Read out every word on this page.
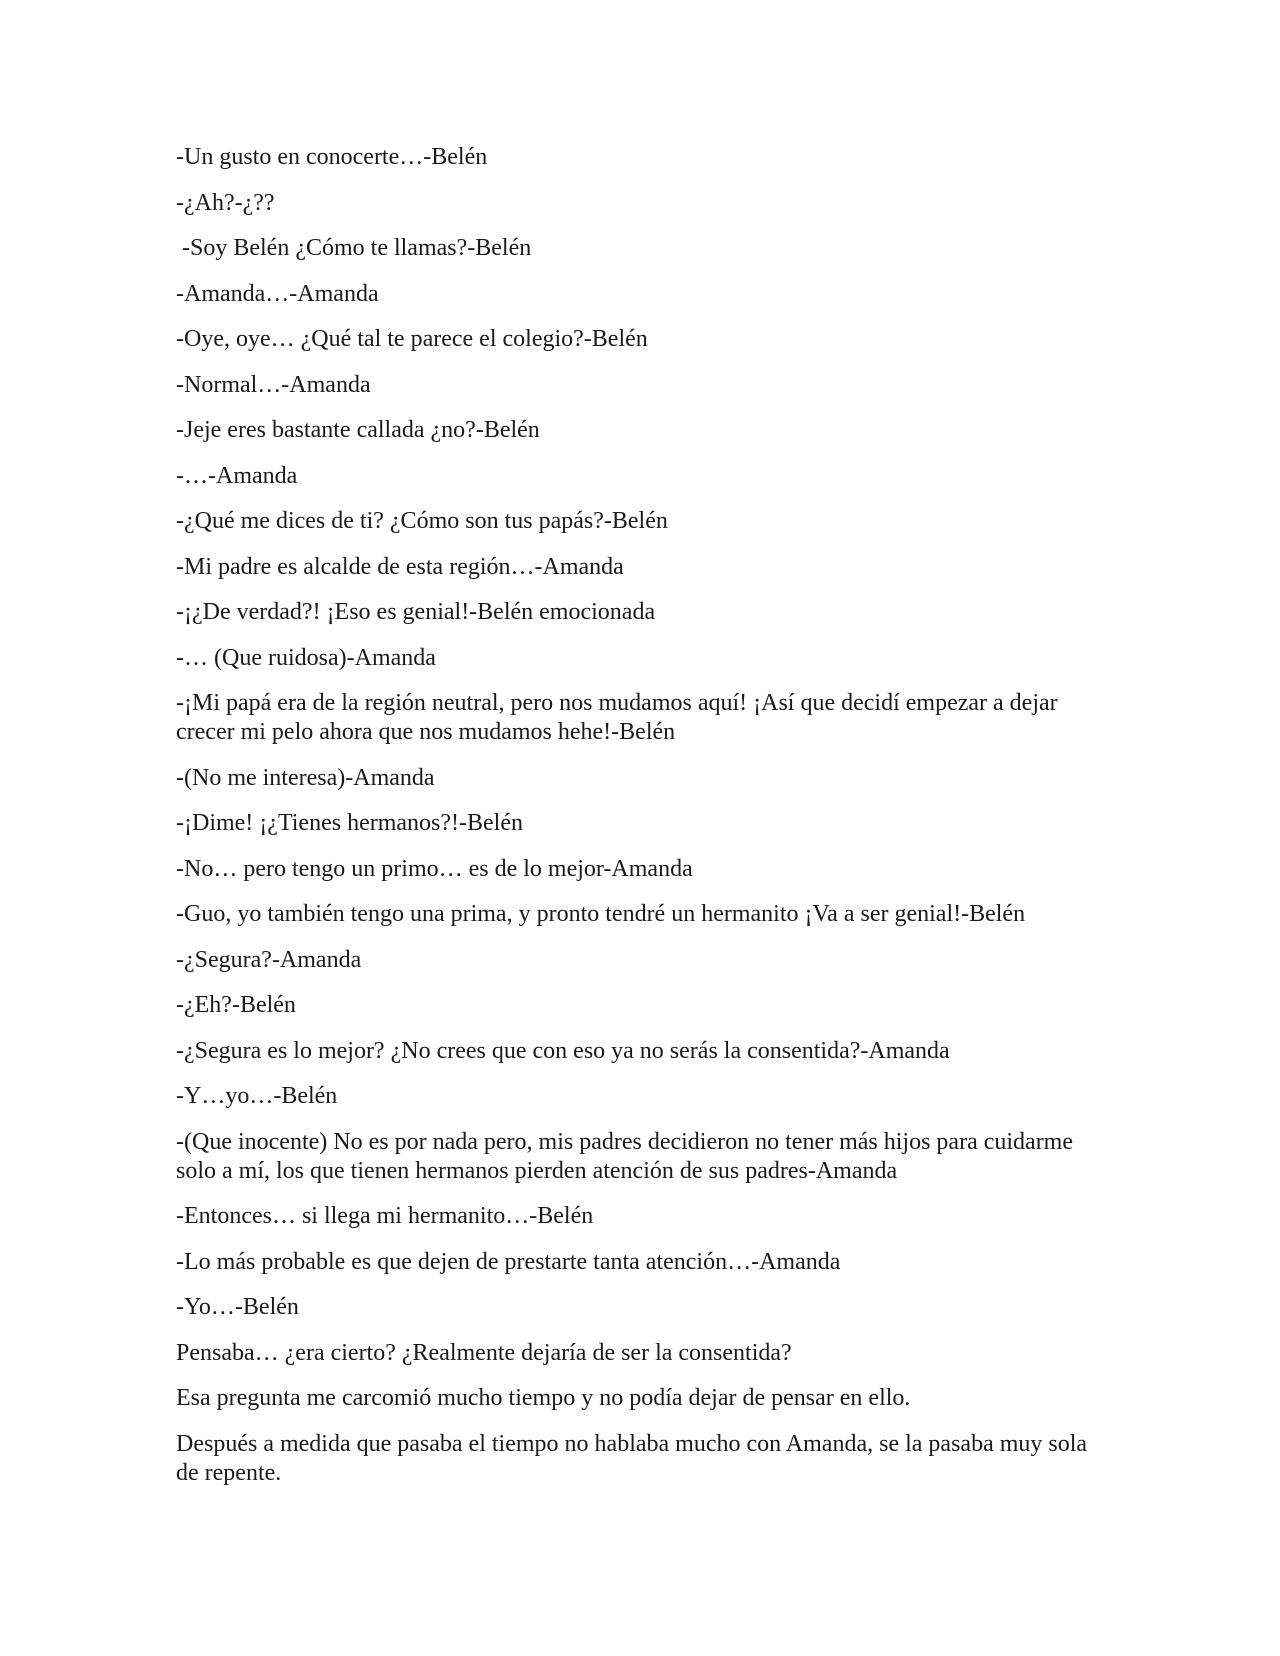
-Un gusto en conocerte…-Belén

-¿Ah?-¿??

-Soy Belén ¿Cómo te llamas?-Belén

-Amanda…-Amanda

-Oye, oye… ¿Qué tal te parece el colegio?-Belén

-Normal…-Amanda

-Jeje eres bastante callada ¿no?-Belén

-…-Amanda

-¿Qué me dices de ti? ¿Cómo son tus papás?-Belén

-Mi padre es alcalde de esta región…-Amanda

-¡¿De verdad?! ¡Eso es genial!-Belén emocionada

-… (Que ruidosa)-Amanda

-¡Mi papá era de la región neutral, pero nos mudamos aquí! ¡Así que decidí empezar a dejar crecer mi pelo ahora que nos mudamos hehe!-Belén

-(No me interesa)-Amanda

-¡Dime! ¡¿Tienes hermanos?!-Belén

-No… pero tengo un primo… es de lo mejor-Amanda

-Guo, yo también tengo una prima, y pronto tendré un hermanito ¡Va a ser genial!-Belén

-¿Segura?-Amanda

-¿Eh?-Belén

-¿Segura es lo mejor? ¿No crees que con eso ya no serás la consentida?-Amanda

-Y…yo…-Belén

-(Que inocente) No es por nada pero, mis padres decidieron no tener más hijos para cuidarme solo a mí, los que tienen hermanos pierden atención de sus padres-Amanda

-Entonces… si llega mi hermanito…-Belén

-Lo más probable es que dejen de prestarte tanta atención…-Amanda

-Yo…-Belén

Pensaba… ¿era cierto? ¿Realmente dejaría de ser la consentida?

Esa pregunta me carcomió mucho tiempo y no podía dejar de pensar en ello.

Después a medida que pasaba el tiempo no hablaba mucho con Amanda, se la pasaba muy sola de repente.
